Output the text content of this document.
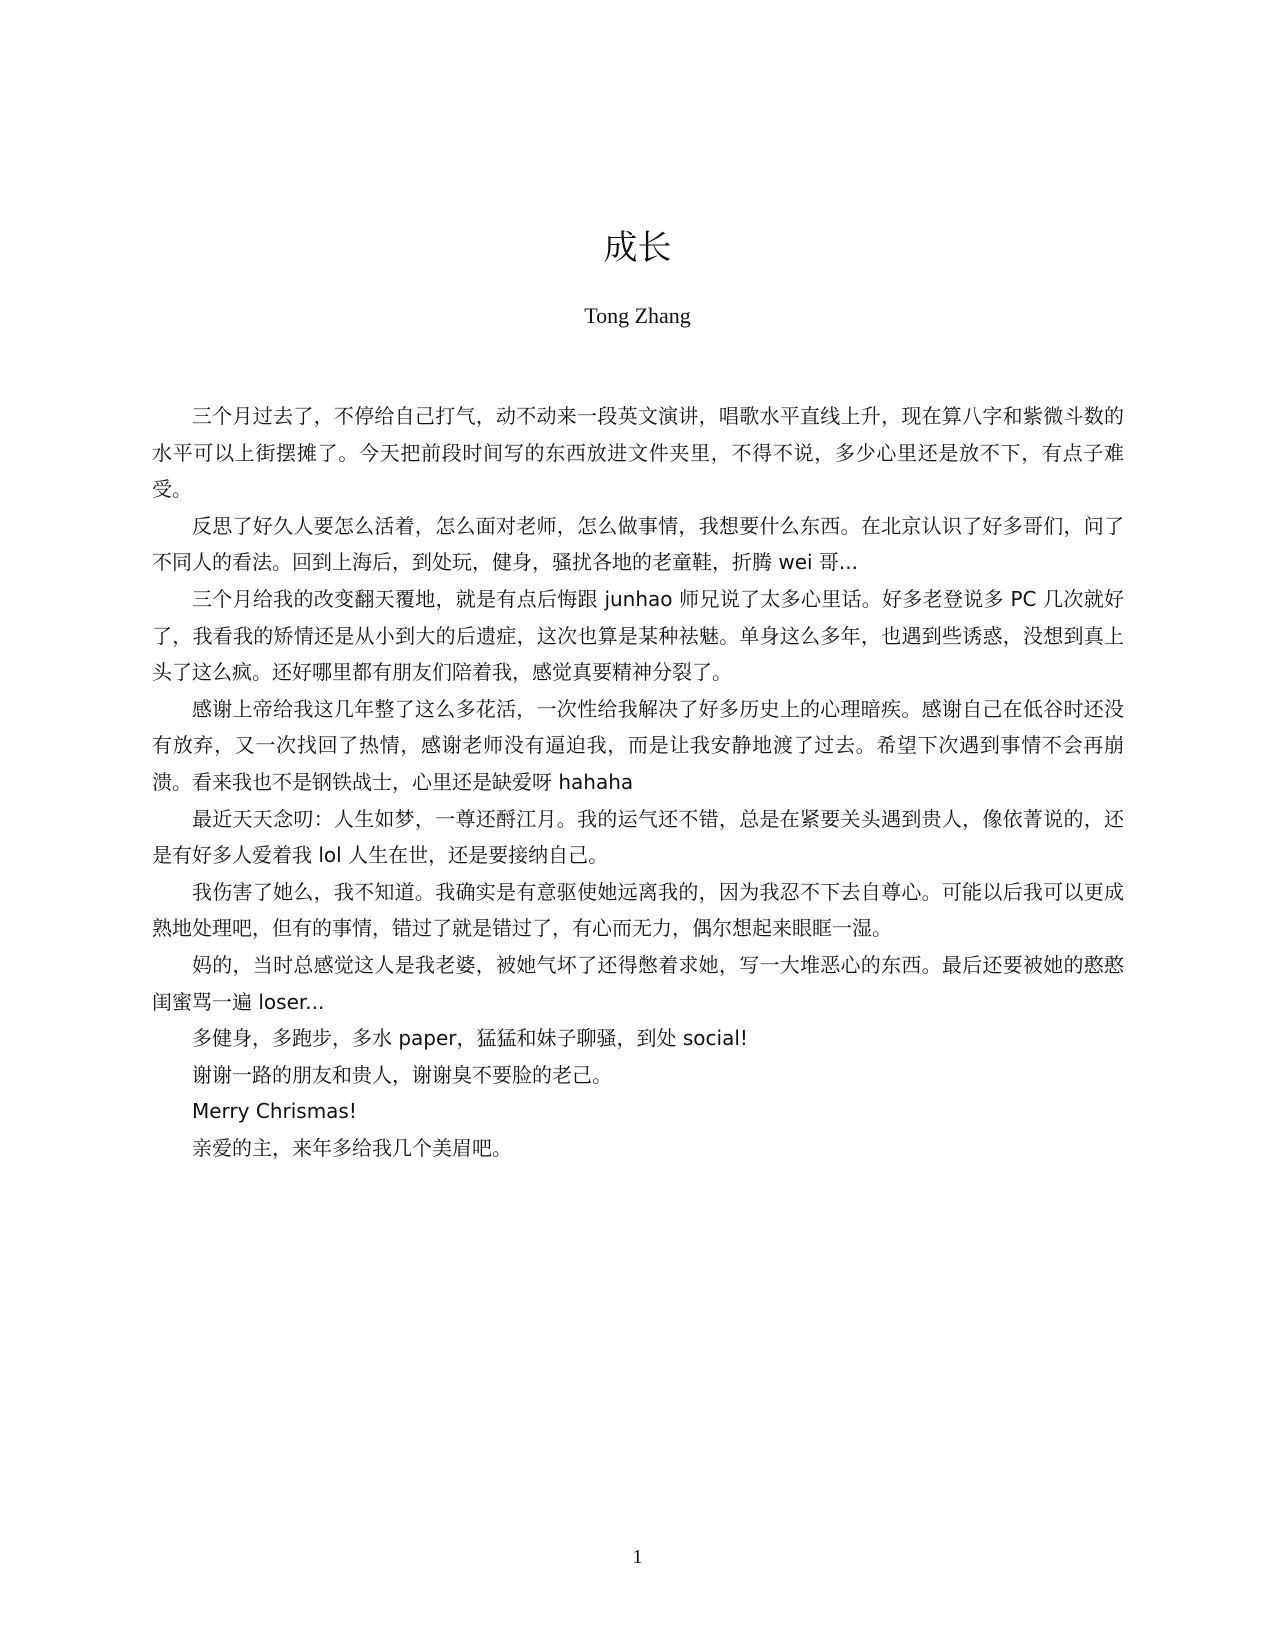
成长
Tong Zhang

三个月过去了，不停给自己打气，动不动来一段英文演讲，唱歌水平直线上升，现在算八字和紫微斗数的水平可以上街摆摊了。今天把前段时间写的东西放进文件夹里，不得不说，多少心里还是放不下，有点子难受。

反思了好久人要怎么活着，怎么面对老师，怎么做事情，我想要什么东西。在北京认识了好多哥们，问了不同人的看法。回到上海后，到处玩，健身，骚扰各地的老童鞋，折腾 wei 哥...

三个月给我的改变翻天覆地，就是有点后悔跟 junhao 师兄说了太多心里话。好多老登说多 PC 几次就好了，我看我的矫情还是从小到大的后遗症，这次也算是某种祛魅。单身这么多年，也遇到些诱惑，没想到真上头了这么疯。还好哪里都有朋友们陪着我，感觉真要精神分裂了。

感谢上帝给我这几年整了这么多花活，一次性给我解决了好多历史上的心理暗疾。感谢自己在低谷时还没有放弃，又一次找回了热情，感谢老师没有逼迫我，而是让我安静地渡了过去。希望下次遇到事情不会再崩溃。看来我也不是钢铁战士，心里还是缺爱呀 hahaha

最近天天念叨：人生如梦，一尊还酹江月。我的运气还不错，总是在紧要关头遇到贵人，像依菁说的，还是有好多人爱着我 lol 人生在世，还是要接纳自己。

我伤害了她么，我不知道。我确实是有意驱使她远离我的，因为我忍不下去自尊心。可能以后我可以更成熟地处理吧，但有的事情，错过了就是错过了，有心而无力，偶尔想起来眼眶一湿。

妈的，当时总感觉这人是我老婆，被她气坏了还得憋着求她，写一大堆恶心的东西。最后还要被她的憨憨闺蜜骂一遍 loser...

多健身，多跑步，多水 paper，猛猛和妹子聊骚，到处 social!

谢谢一路的朋友和贵人，谢谢臭不要脸的老己。

Merry Chrismas!

亲爱的主，来年多给我几个美眉吧。

1
